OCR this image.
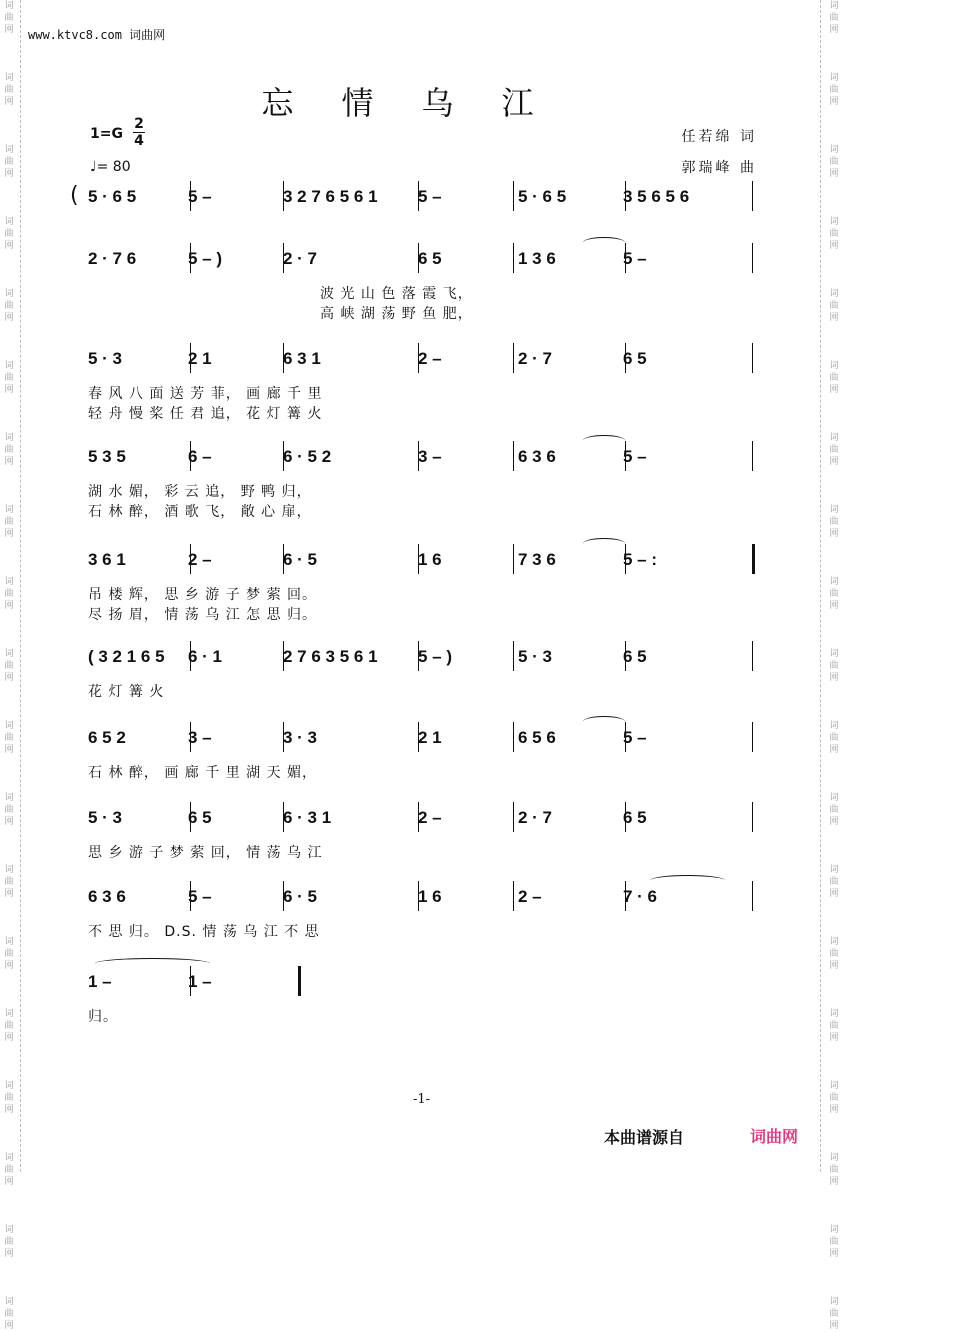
词
曲
网

词
曲
网

词
曲
网

词
曲
网

词
曲
网

词
曲
网

词
曲
网

词
曲
网

词
曲
网

词
曲
网

词
曲
网

词
曲
网

词
曲
网

词
曲
网

词
曲
网

词
曲
网

词
曲
网

词
曲
网

词
曲
网

词
曲
网

词
曲
网

词
曲
网

词
曲
网

词
曲
网

词
曲
网

词
曲
网

词
曲
网

词
曲
网

词
曲
网

词
曲
网

词
曲
网

词
曲
网

词
曲
网

词
曲
网

词
曲
网

词
曲
网

词
曲
网

词
曲
网

www.ktvc8.com 词曲网
忘情乌江
1=G
2
4
♩= 80
任若绵 词
郭瑞峰 曲
5 · 6 5	5 –	3 2 7 6 5 6 1 5 –	5 · 6 5	3 5 6 5 6
(
2 · 7 6	5 – )	2 · 7	6 5	1 3 6	5 –
波 光 山 色 落 霞 飞，
高 峡 湖 荡 野 鱼 肥，
5 · 3	2 1	6 3 1	2 –	2 · 7	6 5
春 风 八 面 送 芳 菲， 画 廊 千 里
轻 舟 慢 桨 任 君 追， 花 灯 篝 火
5 3 5	6 –	6 · 5 2	3 –	6 3 6	5 –
湖 水 媚， 彩 云 追， 野 鸭 归，
石 林 醉， 酒 歌 飞， 敞 心 扉，
3 6 1	2 –	6 · 5	1 6	7 3 6	5 – :
吊 楼 辉， 思 乡 游 子 梦 萦 回。
尽 扬 眉， 情 荡 乌 江 怎 思 归。
( 3 2 1 6 5 6 · 1	2 7 6 3 5 6 1 5 – )	5 · 3	6 5
花 灯 篝 火
6 5 2	3 –	3 · 3	2 1	6 5 6	5 –
石 林 醉， 画 廊 千 里 湖 天 媚，
5 · 3	6 5	6 · 3 1	2 –	2 · 7	6 5
思 乡 游 子 梦 萦 回， 情 荡 乌 江
6 3 6	5 –	6 · 5	1 6	2 –	7 · 6
不 思 归。 D.S. 情 荡 乌 江 不 思
1 –	1 –
归。
-1-
本曲谱源自	词曲网
